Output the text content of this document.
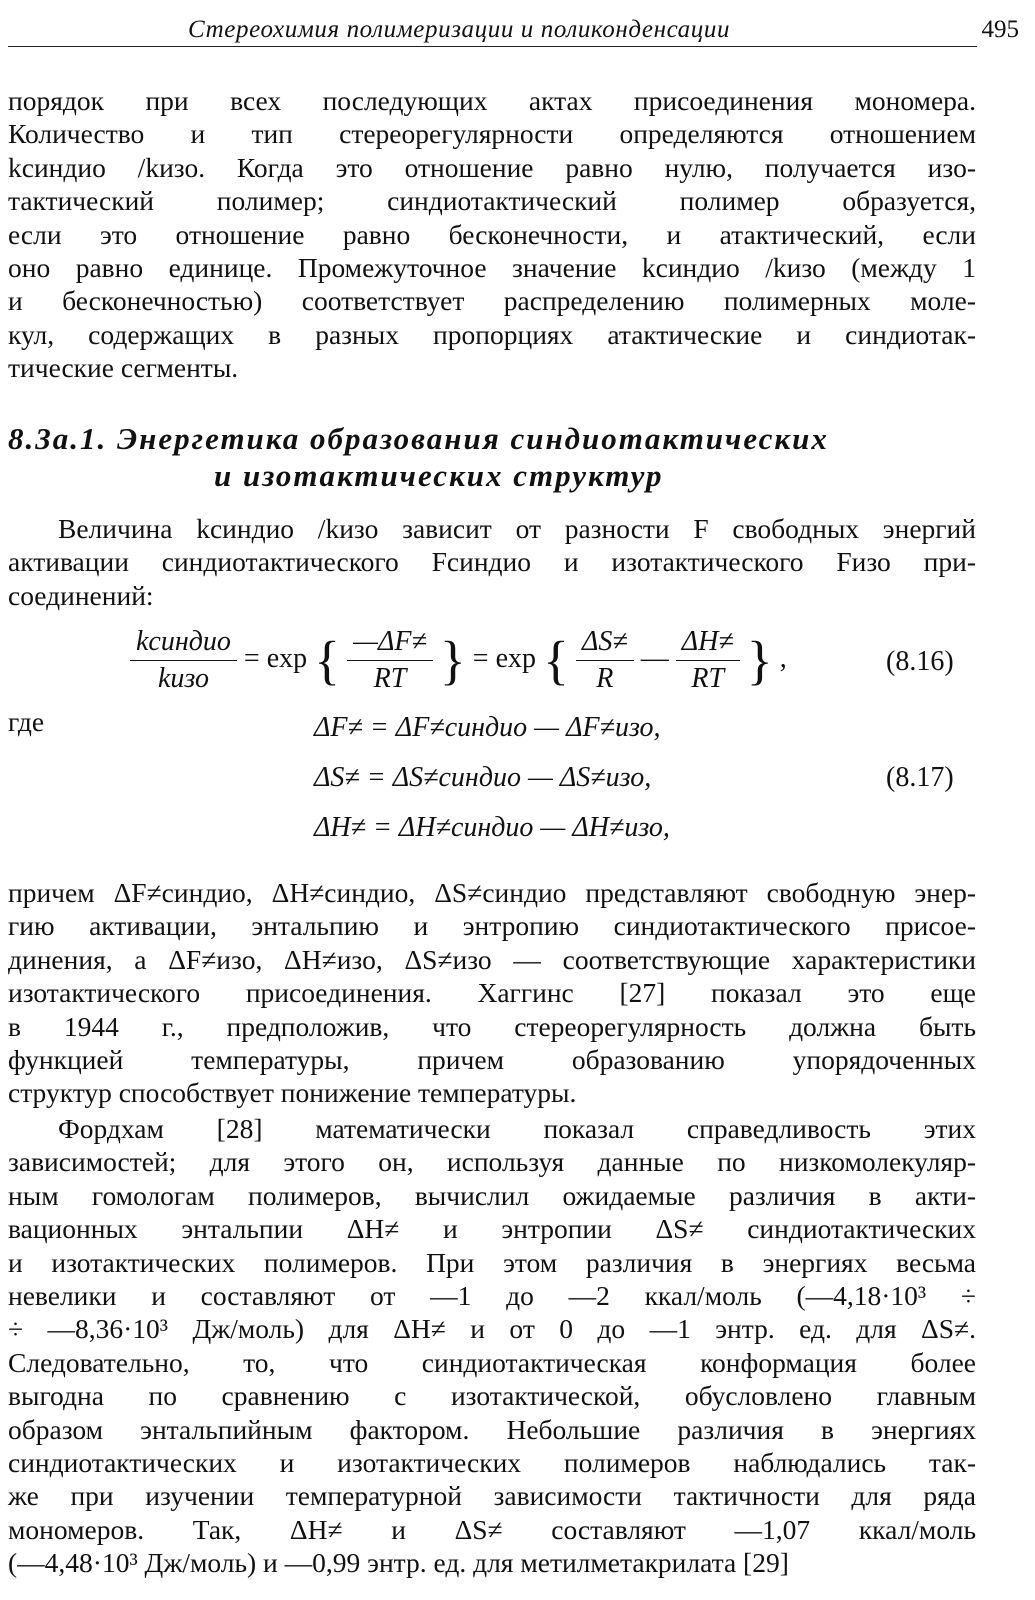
Стереохимия полимеризации и поликонденсации	495
порядок при всех последующих актах присоединения мономера.
Количество и тип стереорегулярности определяются отношением
kсиндио /kизо. Когда это отношение равно нулю, получается изо-
тактический полимер; синдиотактический полимер образуется,
если это отношение равно бесконечности, и атактический, если
оно равно единице. Промежуточное значение kсиндио /kизо (между 1
и бесконечностью) соответствует распределению полимерных моле-
кул, содержащих в разных пропорциях атактические и синдиотак-
тические сегменты.
8.3а.1. Энергетика образования синдиотактических
и изотактических структур
Величина kсиндио /kизо зависит от разности F свободных энергий
активации синдиотактического Fсиндио и изотактического Fизо при-
соединений:
$\frac{\text{kсиндио}}{\text{kизо}} = \exp$ { $\frac{—\Delta F\ne}{RT}$ } = exp { $\frac{\Delta S\ne}{R}$ — $\frac{\Delta H\ne}{RT}$ } ,	(8.16)
где	ΔF≠ = ΔF≠синдио — ΔF≠изо,
ΔS≠ = ΔS≠синдио — ΔS≠изо,
ΔH≠ = ΔH≠синдио — ΔH≠изо,
(8.17)
причем ΔF≠синдио, ΔH≠синдио, ΔS≠синдио представляют свободную энер-
гию активации, энтальпию и энтропию синдиотактического присое-
динения, а ΔF≠изо, ΔH≠изо, ΔS≠изо — соответствующие характеристики
изотактического присоединения. Хаггинс [27] показал это еще
в 1944 г., предположив, что стереорегулярность должна быть
функцией температуры, причем образованию упорядоченных
структур способствует понижение температуры.
Фордхам [28] математически показал справедливость этих
зависимостей; для этого он, используя данные по низкомолекуляр-
ным гомологам полимеров, вычислил ожидаемые различия в акти-
вационных энтальпии ΔH≠ и энтропии ΔS≠ синдиотактических
и изотактических полимеров. При этом различия в энергиях весьма
невелики и составляют от —1 до —2 ккал/моль (—4,18·10³ ÷
÷ —8,36·10³ Дж/моль) для ΔH≠ и от 0 до —1 энтр. ед. для ΔS≠.
Следовательно, то, что синдиотактическая конформация более
выгодна по сравнению с изотактической, обусловлено главным
образом энтальпийным фактором. Небольшие различия в энергиях
синдиотактических и изотактических полимеров наблюдались так-
же при изучении температурной зависимости тактичности для ряда
мономеров. Так, ΔH≠ и ΔS≠ составляют —1,07 ккал/моль
(—4,48·10³ Дж/моль) и —0,99 энтр. ед. для метилметакрилата [29]
